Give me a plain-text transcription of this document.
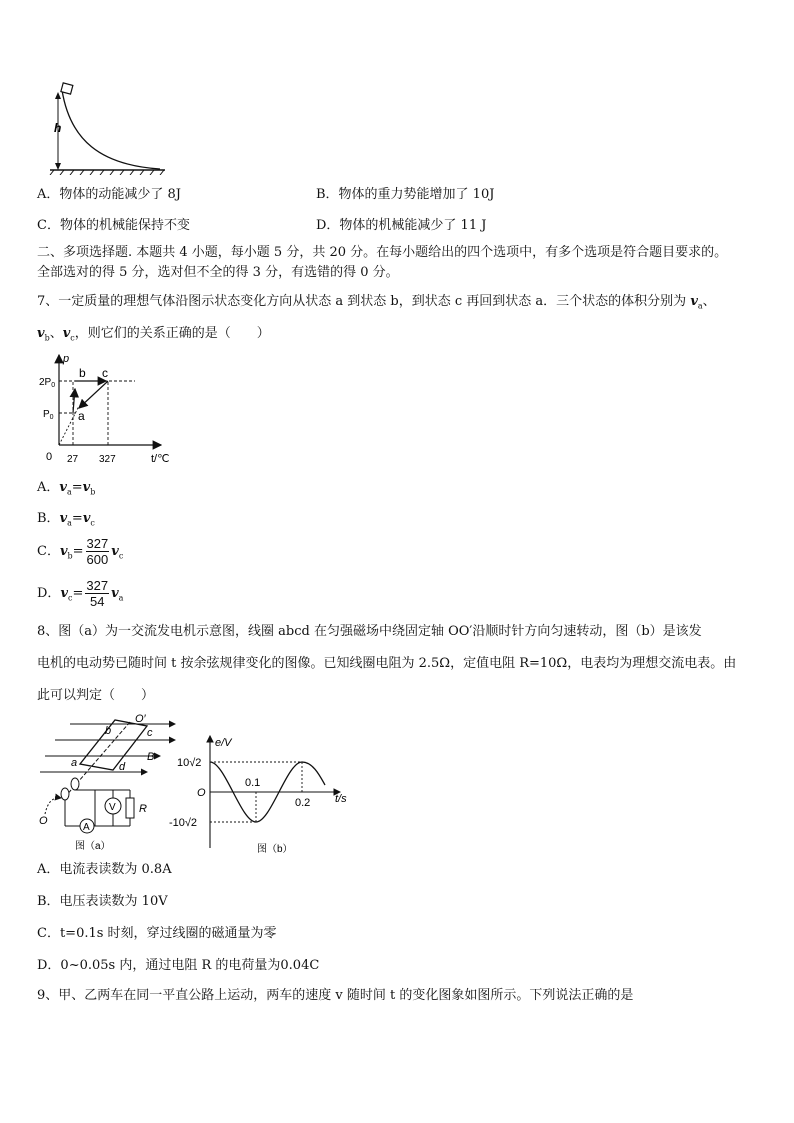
h
A．物体的动能减少了 8J	B．物体的重力势能增加了 10J
C．物体的机械能保持不变	D．物体的机械能减少了 11 J
二、多项选择题. 本题共 4 小题，每小题 5 分，共 20 分。在每小题给出的四个选项中，有多个选项是符合题目要求的。
全部选对的得 5 分，选对但不全的得 3 分，有选错的得 0 分。
7、一定质量的理想气体沿图示状态变化方向从状态 a 到状态 b，到状态 c 再回到状态 a．三个状态的体积分别为 $v_a$、
$v_b$、$v_c$，则它们的关系正确的是（　　）
p
$2P_0$
$P_0$
0 27 327	t/℃
a
b c
A．$v_a=v_b$
B．$v_a=v_c$
C．$v_b= \frac{327}{600} v_c$
D．$v_c= \frac{327}{54} v_a$
8、图（a）为一交流发电机示意图，线圈 abcd 在匀强磁场中绕固定轴 OO′沿顺时针方向匀速转动，图（b）是该发
电机的电动势已随时间 t 按余弦规律变化的图像。已知线圈电阻为 2.5Ω，定值电阻 R=10Ω，电表均为理想交流电表。由
此可以判定（　　）
A
V R
O
O′
B
a
b	c
d
图（a）
e/V
10√2
-10√2
O
0.1
0.2 t/s
图（b）
A．电流表读数为 0.8A
B．电压表读数为 10V
C．t=0.1s 时刻，穿过线圈的磁通量为零
D．0~0.05s 内，通过电阻 R 的电荷量为0.04C
9、甲、乙两车在同一平直公路上运动，两车的速度 v 随时间 t 的变化图象如图所示。下列说法正确的是
